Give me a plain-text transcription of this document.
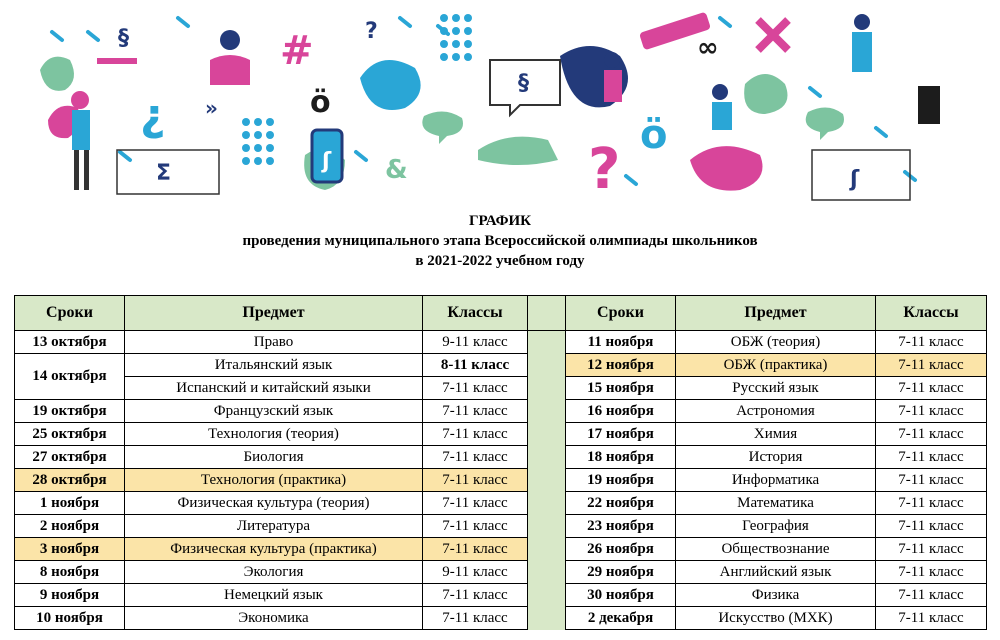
§	?
#
ö
¿ »
Σ
∞
&	?
ö
ʃ
§
ʃ
ГРАФИК
проведения муниципального этапа Всероссийской олимпиады школьников
в 2021-2022 учебном году
Сроки	Предмет	Классы		Сроки	Предмет	Классы
13 октября	Право	9-11 класс		11 ноября	ОБЖ (теория)	7-11 класс
14 октября	Итальянский язык	8-11 класс		12 ноября	ОБЖ (практика)	7-11 класс
	Испанский и китайский языки	7-11 класс		15 ноября	Русский язык	7-11 класс
19 октября	Французский язык	7-11 класс		16 ноября	Астрономия	7-11 класс
25 октября	Технология (теория)	7-11 класс		17 ноября	Химия	7-11 класс
27 октября	Биология	7-11 класс		18 ноября	История	7-11 класс
28 октября	Технология (практика)	7-11 класс		19 ноября	Информатика	7-11 класс
1 ноября	Физическая культура (теория)	7-11 класс		22 ноября	Математика	7-11 класс
2 ноября	Литература	7-11 класс		23 ноября	География	7-11 класс
3 ноября	Физическая культура (практика)	7-11 класс		26 ноября	Обществознание	7-11 класс
8 ноября	Экология	9-11 класс		29 ноября	Английский язык	7-11 класс
9 ноября	Немецкий язык	7-11 класс		30 ноября	Физика	7-11 класс
10 ноября	Экономика	7-11 класс		2 декабря	Искусство (МХК)	7-11 класс
